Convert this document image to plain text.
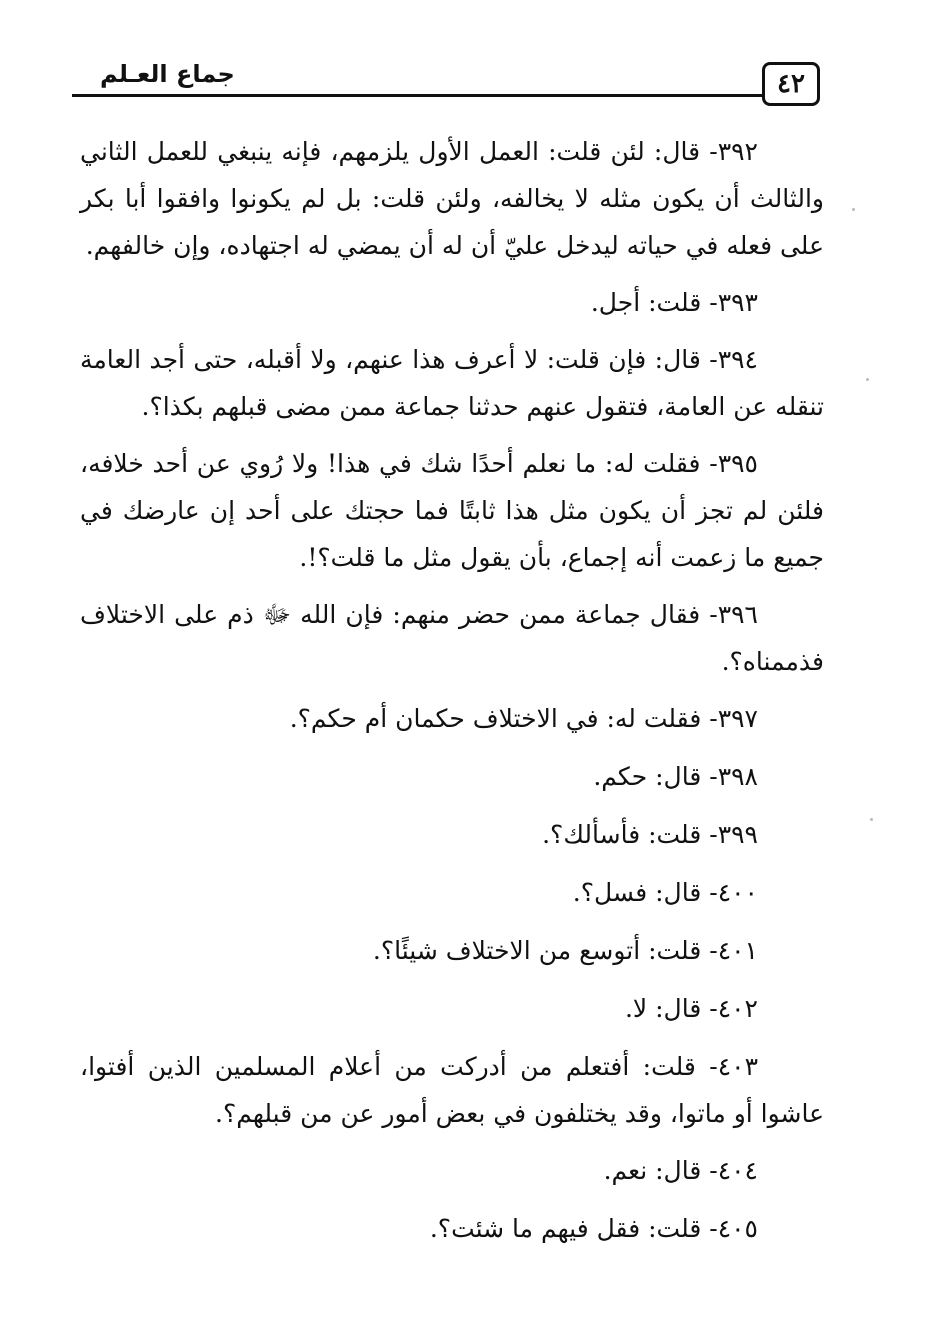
جماع العـلم	٤٢

٣٩٢- قال: لئن قلت: العمل الأول يلزمهم، فإنه ينبغي للعمل الثاني والثالث أن يكون مثله لا يخالفه، ولئن قلت: بل لم يكونوا وافقوا أبا بكر على فعله في حياته ليدخل عليّ أن له أن يمضي له اجتهاده، وإن خالفهم.

٣٩٣- قلت: أجل.

٣٩٤- قال: فإن قلت: لا أعرف هذا عنهم، ولا أقبله، حتى أجد العامة تنقله عن العامة، فتقول عنهم حدثنا جماعة ممن مضى قبلهم بكذا؟.

٣٩٥- فقلت له: ما نعلم أحدًا شك في هذا! ولا رُوي عن أحد خلافه، فلئن لم تجز أن يكون مثل هذا ثابتًا فما حجتك على أحد إن عارضك في جميع ما زعمت أنه إجماع، بأن يقول مثل ما قلت؟!.

٣٩٦- فقال جماعة ممن حضر منهم: فإن الله ﷻ ذم على الاختلاف فذممناه؟.

٣٩٧- فقلت له: في الاختلاف حكمان أم حكم؟.

٣٩٨- قال: حكم.

٣٩٩- قلت: فأسألك؟.

٤٠٠- قال: فسل؟.

٤٠١- قلت: أتوسع من الاختلاف شيئًا؟.

٤٠٢- قال: لا.

٤٠٣- قلت: أفتعلم من أدركت من أعلام المسلمين الذين أفتوا، عاشوا أو ماتوا، وقد يختلفون في بعض أمور عن من قبلهم؟.

٤٠٤- قال: نعم.

٤٠٥- قلت: فقل فيهم ما شئت؟.
